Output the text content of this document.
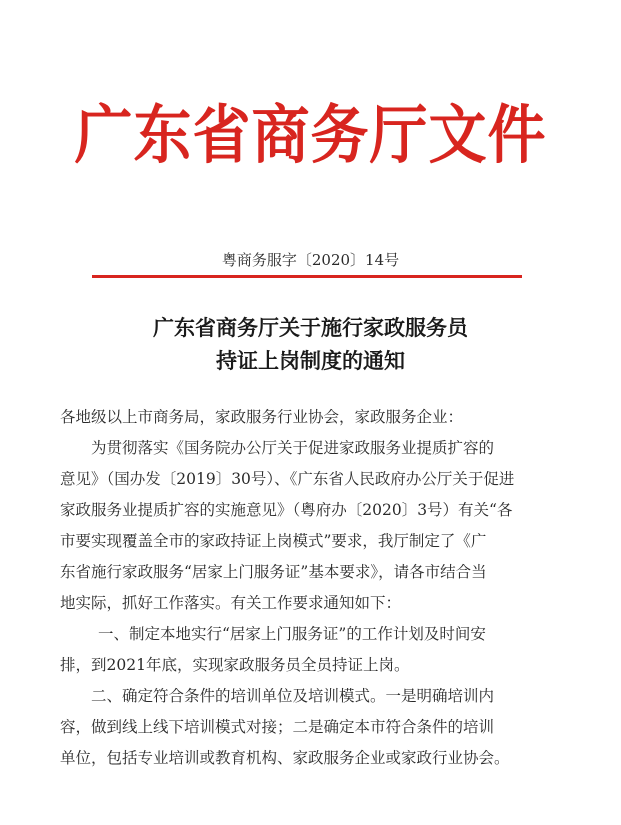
广东省商务厅文件
粤商务服字〔2020〕14号
广东省商务厅关于施行家政服务员
持证上岗制度的通知
各地级以上市商务局，家政服务行业协会，家政服务企业：
为贯彻落实《国务院办公厅关于促进家政服务业提质扩容的
意见》（国办发〔2019〕30号）、《广东省人民政府办公厅关于促进
家政服务业提质扩容的实施意见》（粤府办〔2020〕3号）有关“各
市要实现覆盖全市的家政持证上岗模式”要求，我厅制定了《广
东省施行家政服务“居家上门服务证”基本要求》，请各市结合当
地实际，抓好工作落实。有关工作要求通知如下：
一、制定本地实行“居家上门服务证”的工作计划及时间安
排，到2021年底，实现家政服务员全员持证上岗。
二、确定符合条件的培训单位及培训模式。一是明确培训内
容，做到线上线下培训模式对接；二是确定本市符合条件的培训
单位，包括专业培训或教育机构、家政服务企业或家政行业协会。
